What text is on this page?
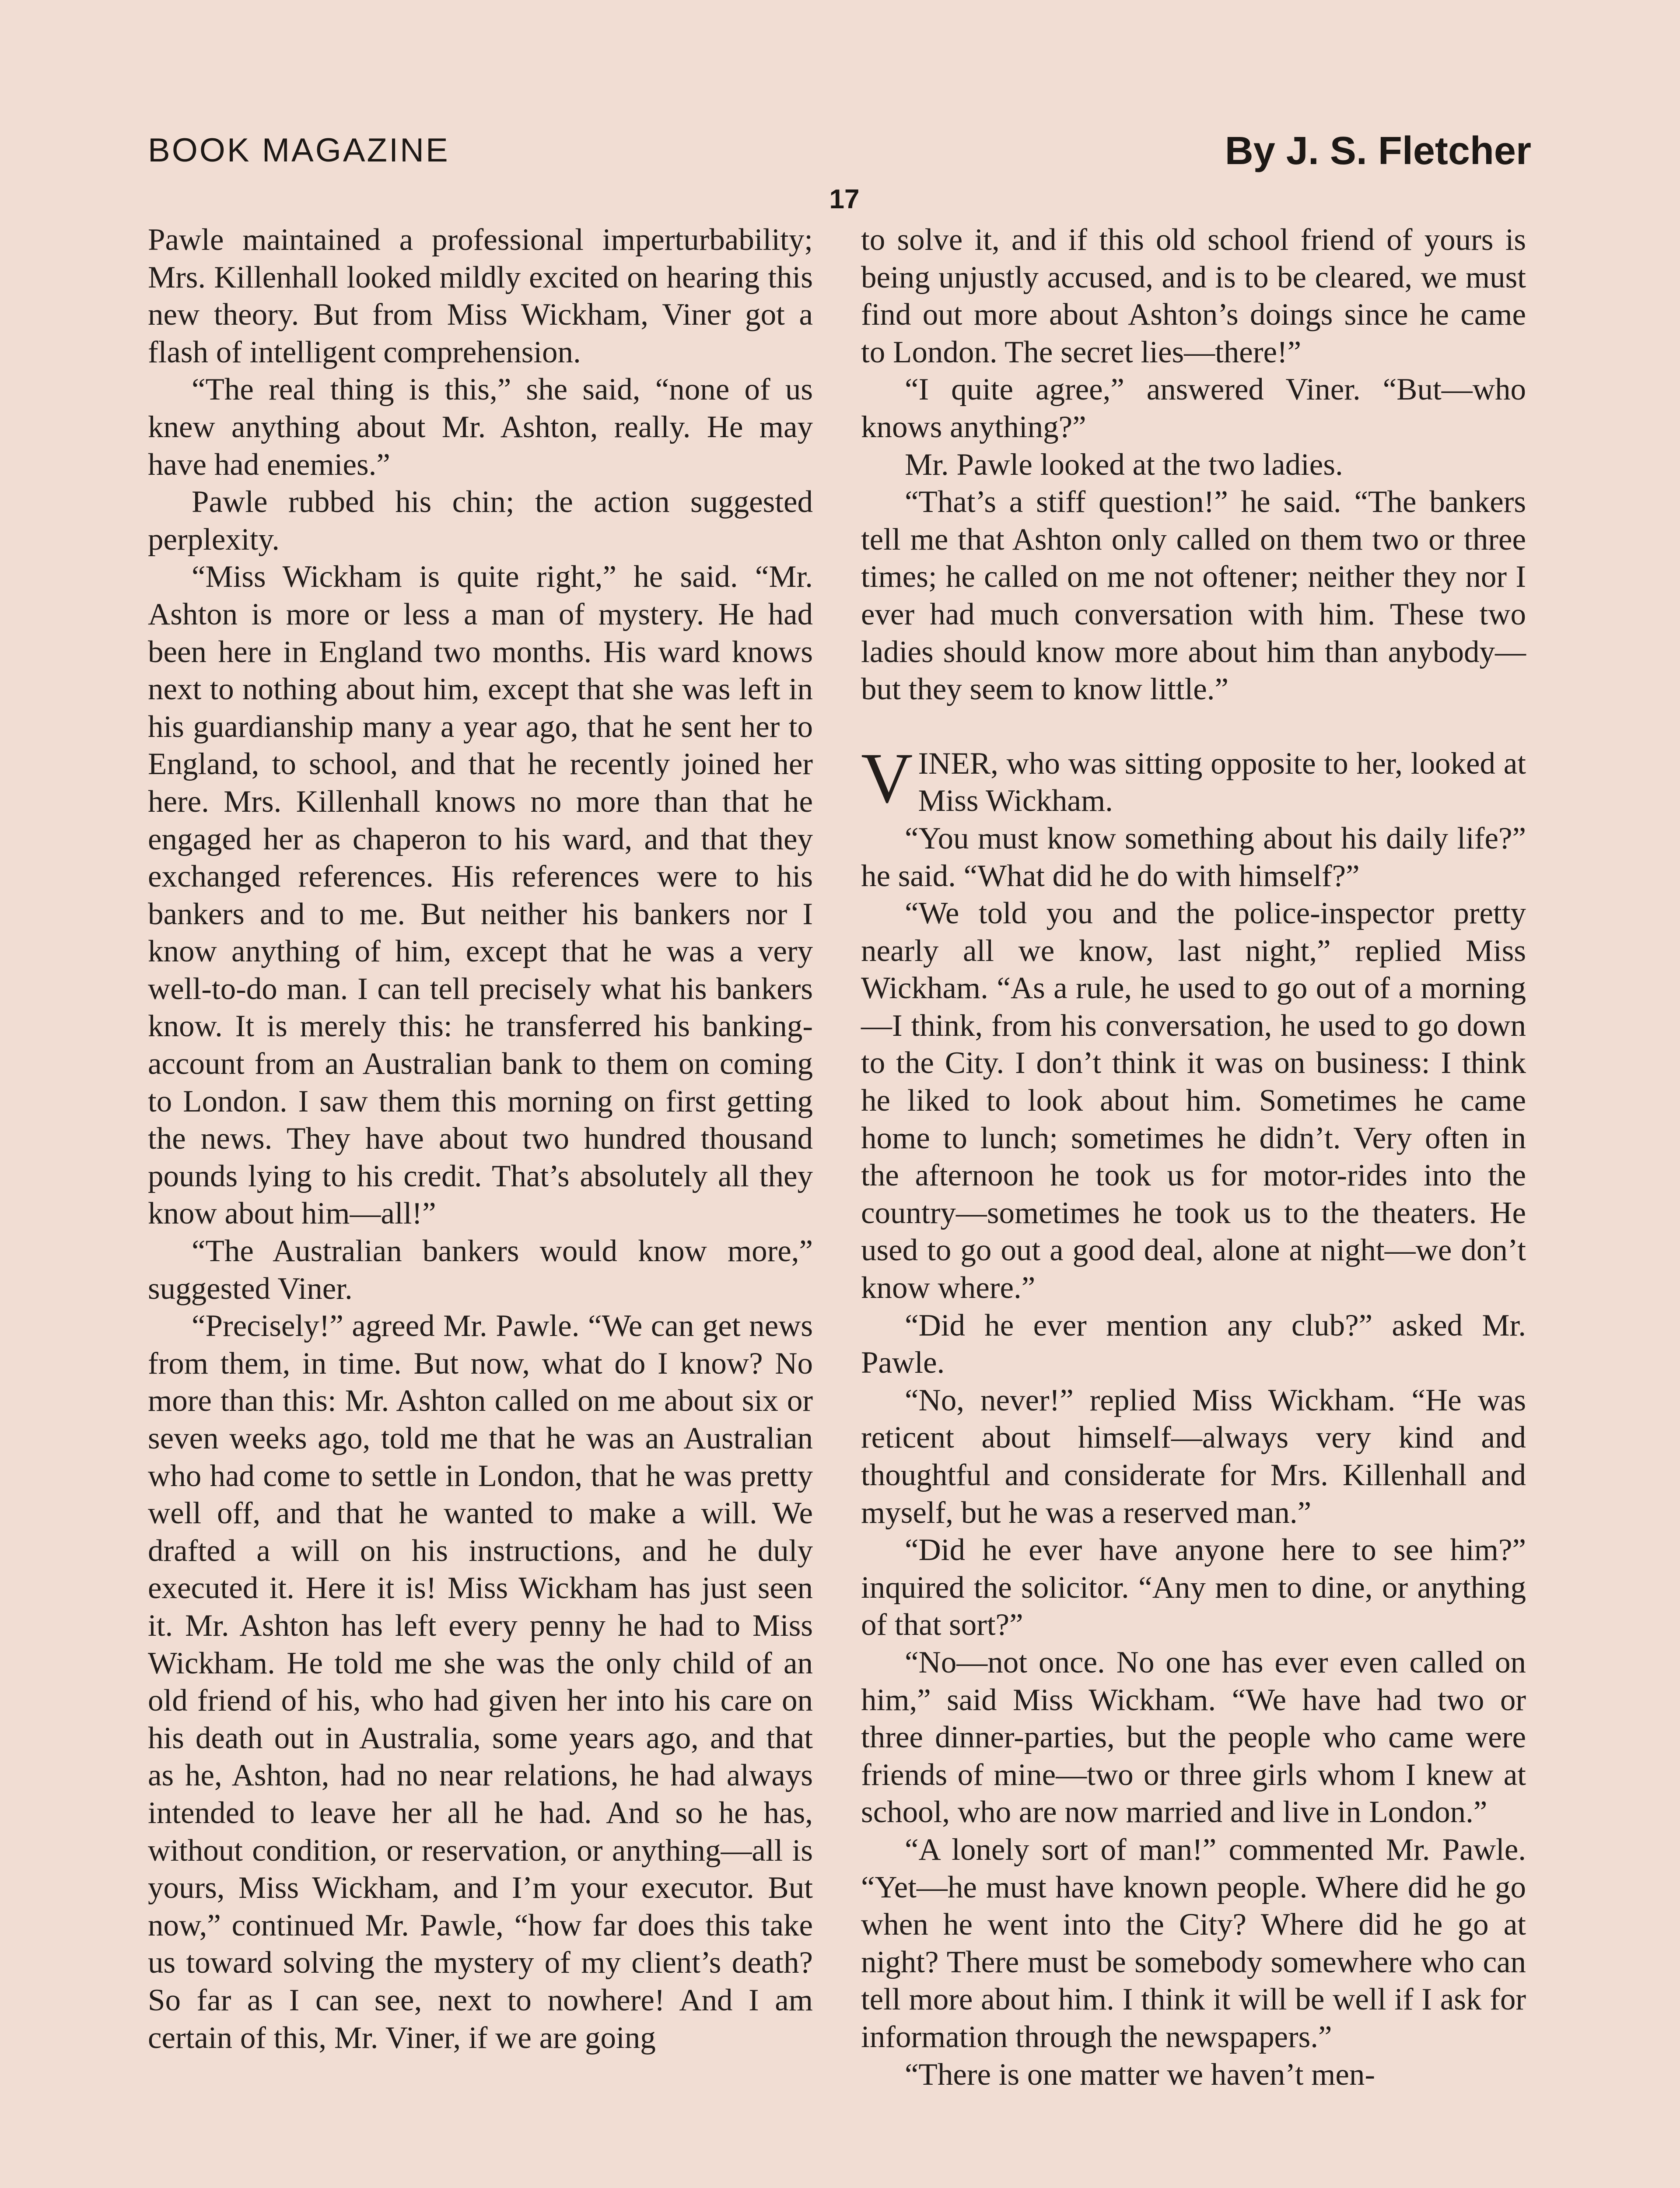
BOOK MAGAZINE	By J. S. Fletcher
17

Pawle maintained a professional imperturbability; Mrs. Killenhall looked mildly excited on hearing this new theory. But from Miss Wickham, Viner got a flash of intelligent comprehension.

“The real thing is this,” she said, “none of us knew anything about Mr. Ashton, really. He may have had enemies.”

Pawle rubbed his chin; the action suggested perplexity.

“Miss Wickham is quite right,” he said. “Mr. Ashton is more or less a man of mystery. He had been here in England two months. His ward knows next to nothing about him, except that she was left in his guardianship many a year ago, that he sent her to England, to school, and that he recently joined her here. Mrs. Killenhall knows no more than that he engaged her as chaperon to his ward, and that they exchanged references. His references were to his bankers and to me. But neither his bankers nor I know anything of him, except that he was a very well-to-do man. I can tell precisely what his bankers know. It is merely this: he transferred his banking-account from an Australian bank to them on coming to London. I saw them this morning on first getting the news. They have about two hundred thousand pounds lying to his credit. That’s absolutely all they know about him—all!”

“The Australian bankers would know more,” suggested Viner.

“Precisely!” agreed Mr. Pawle. “We can get news from them, in time. But now, what do I know? No more than this: Mr. Ashton called on me about six or seven weeks ago, told me that he was an Australian who had come to settle in London, that he was pretty well off, and that he wanted to make a will. We drafted a will on his instructions, and he duly executed it. Here it is! Miss Wickham has just seen it. Mr. Ashton has left every penny he had to Miss Wickham. He told me she was the only child of an old friend of his, who had given her into his care on his death out in Australia, some years ago, and that as he, Ashton, had no near relations, he had always intended to leave her all he had. And so he has, without condition, or reservation, or anything—all is yours, Miss Wickham, and I’m your executor. But now,” continued Mr. Pawle, “how far does this take us toward solving the mystery of my client’s death? So far as I can see, next to nowhere! And I am certain of this, Mr. Viner, if we are going

to solve it, and if this old school friend of yours is being unjustly accused, and is to be cleared, we must find out more about Ashton’s doings since he came to London. The secret lies—there!”

“I quite agree,” answered Viner. “But—who knows anything?”

Mr. Pawle looked at the two ladies.

“That’s a stiff question!” he said. “The bankers tell me that Ashton only called on them two or three times; he called on me not oftener; neither they nor I ever had much conversation with him. These two ladies should know more about him than anybody—but they seem to know little.”

VINER, who was sitting opposite to her, looked at Miss Wickham.

“You must know something about his daily life?” he said. “What did he do with himself?”

“We told you and the police-inspector pretty nearly all we know, last night,” replied Miss Wickham. “As a rule, he used to go out of a morning—I think, from his conversation, he used to go down to the City. I don’t think it was on business: I think he liked to look about him. Sometimes he came home to lunch; sometimes he didn’t. Very often in the afternoon he took us for motor-rides into the country—sometimes he took us to the theaters. He used to go out a good deal, alone at night—we don’t know where.”

“Did he ever mention any club?” asked Mr. Pawle.

“No, never!” replied Miss Wickham. “He was reticent about himself—always very kind and thoughtful and considerate for Mrs. Killenhall and myself, but he was a reserved man.”

“Did he ever have anyone here to see him?” inquired the solicitor. “Any men to dine, or anything of that sort?”

“No—not once. No one has ever even called on him,” said Miss Wickham. “We have had two or three dinner-parties, but the people who came were friends of mine—two or three girls whom I knew at school, who are now married and live in London.”

“A lonely sort of man!” commented Mr. Pawle. “Yet—he must have known people. Where did he go when he went into the City? Where did he go at night? There must be somebody somewhere who can tell more about him. I think it will be well if I ask for information through the newspapers.”

“There is one matter we haven’t men-
